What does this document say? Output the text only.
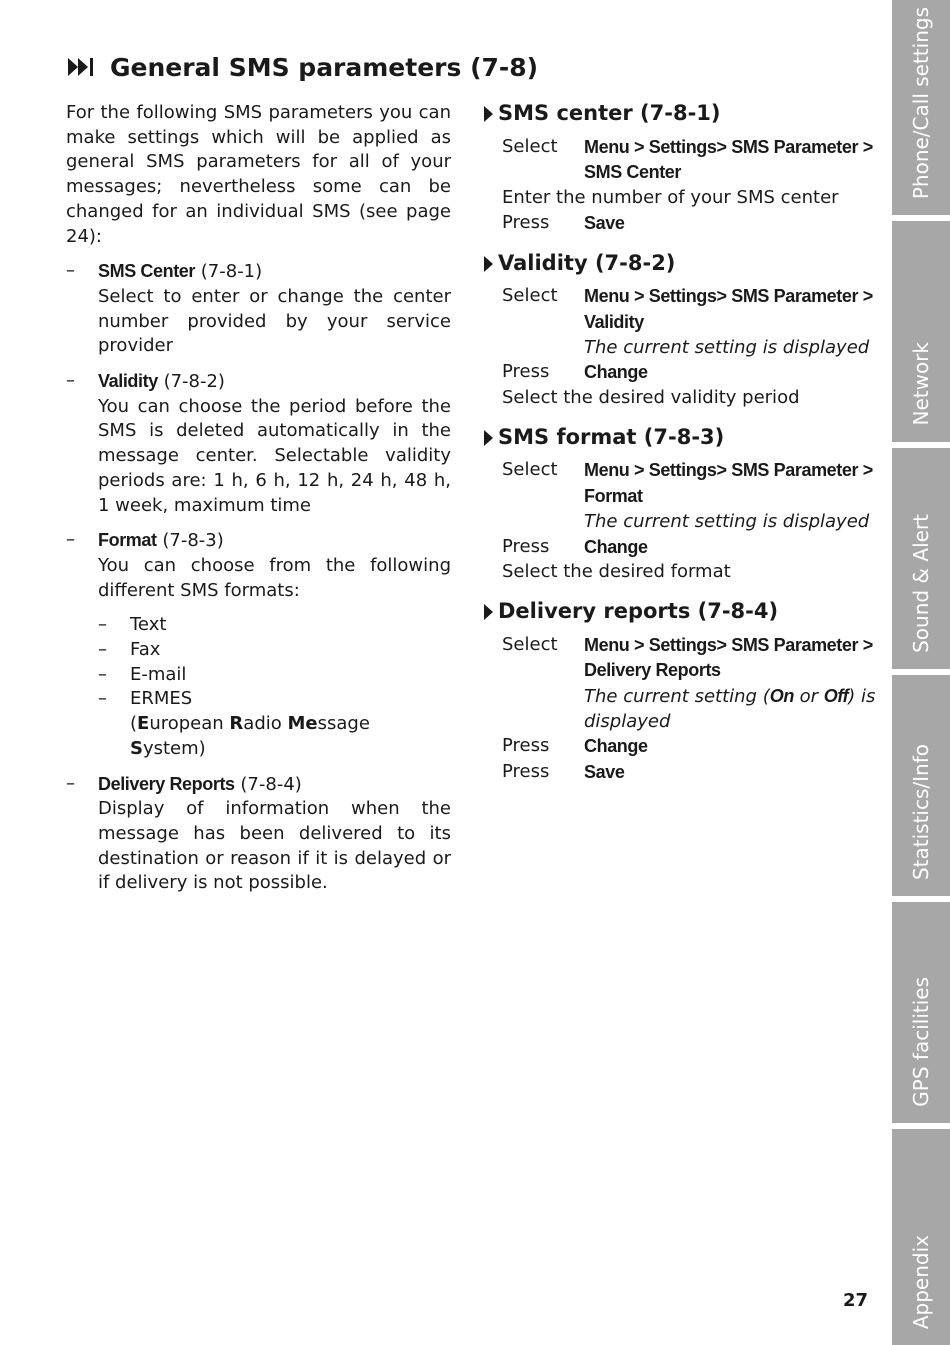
General SMS parameters (7-8)

For the following SMS parameters you can make settings which will be applied as general SMS parameters for all of your messages; nevertheless some can be changed for an individual SMS (see page 24):

– SMS Center (7-8-1)

Select to enter or change the center number provided by your service provider

– Validity (7-8-2)

You can choose the period before the SMS is deleted automatically in the message center. Selectable validity periods are: 1 h, 6 h, 12 h, 24 h, 48 h, 1 week, maximum time

– Format (7-8-3)

You can choose from the following different SMS formats:

– Text
– Fax
– E-mail
– ERMES
(European Radio Message System)
– Delivery Reports (7-8-4)

Display of information when the message has been delivered to its destination or reason if it is delayed or if delivery is not possible.

SMS center (7-8-1)
Select Menu > Settings> SMS Parameter > SMS Center
Enter the number of your SMS center
Press Save
Validity (7-8-2)
Select Menu > Settings> SMS Parameter > Validity
The current setting is displayed
Press Change
Select the desired validity period
SMS format (7-8-3)
Select Menu > Settings> SMS Parameter > Format
The current setting is displayed
Press Change
Select the desired format
Delivery reports (7-8-4)
Select Menu > Settings> SMS Parameter > Delivery Reports
The current setting (On or Off) is displayed
Press Change
Press Save
Phone/Call settings
Network
Sound & Alert
Statistics/Info
GPS facilities
Appendix
27
